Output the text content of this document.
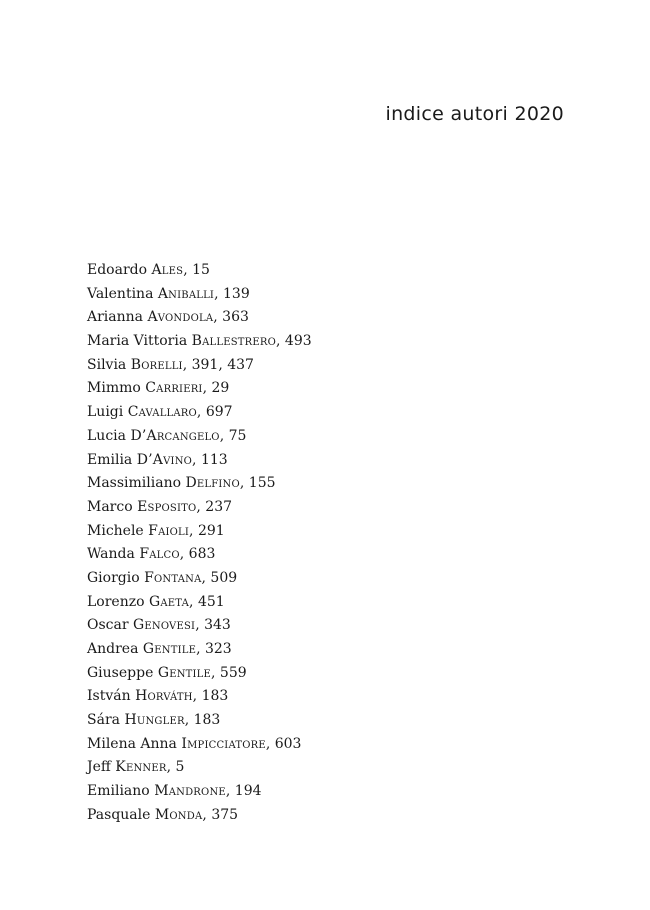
indice autori 2020
Edoardo Ales, 15
Valentina Aniballi, 139
Arianna Avondola, 363
Maria Vittoria Ballestrero, 493
Silvia Borelli, 391, 437
Mimmo Carrieri, 29
Luigi Cavallaro, 697
Lucia D’Arcangelo, 75
Emilia D’Avino, 113
Massimiliano Delfino, 155
Marco Esposito, 237
Michele Faioli, 291
Wanda Falco, 683
Giorgio Fontana, 509
Lorenzo Gaeta, 451
Oscar Genovesi, 343
Andrea Gentile, 323
Giuseppe Gentile, 559
István Horváth, 183
Sára Hungler, 183
Milena Anna Impicciatore, 603
Jeff Kenner, 5
Emiliano Mandrone, 194
Pasquale Monda, 375
